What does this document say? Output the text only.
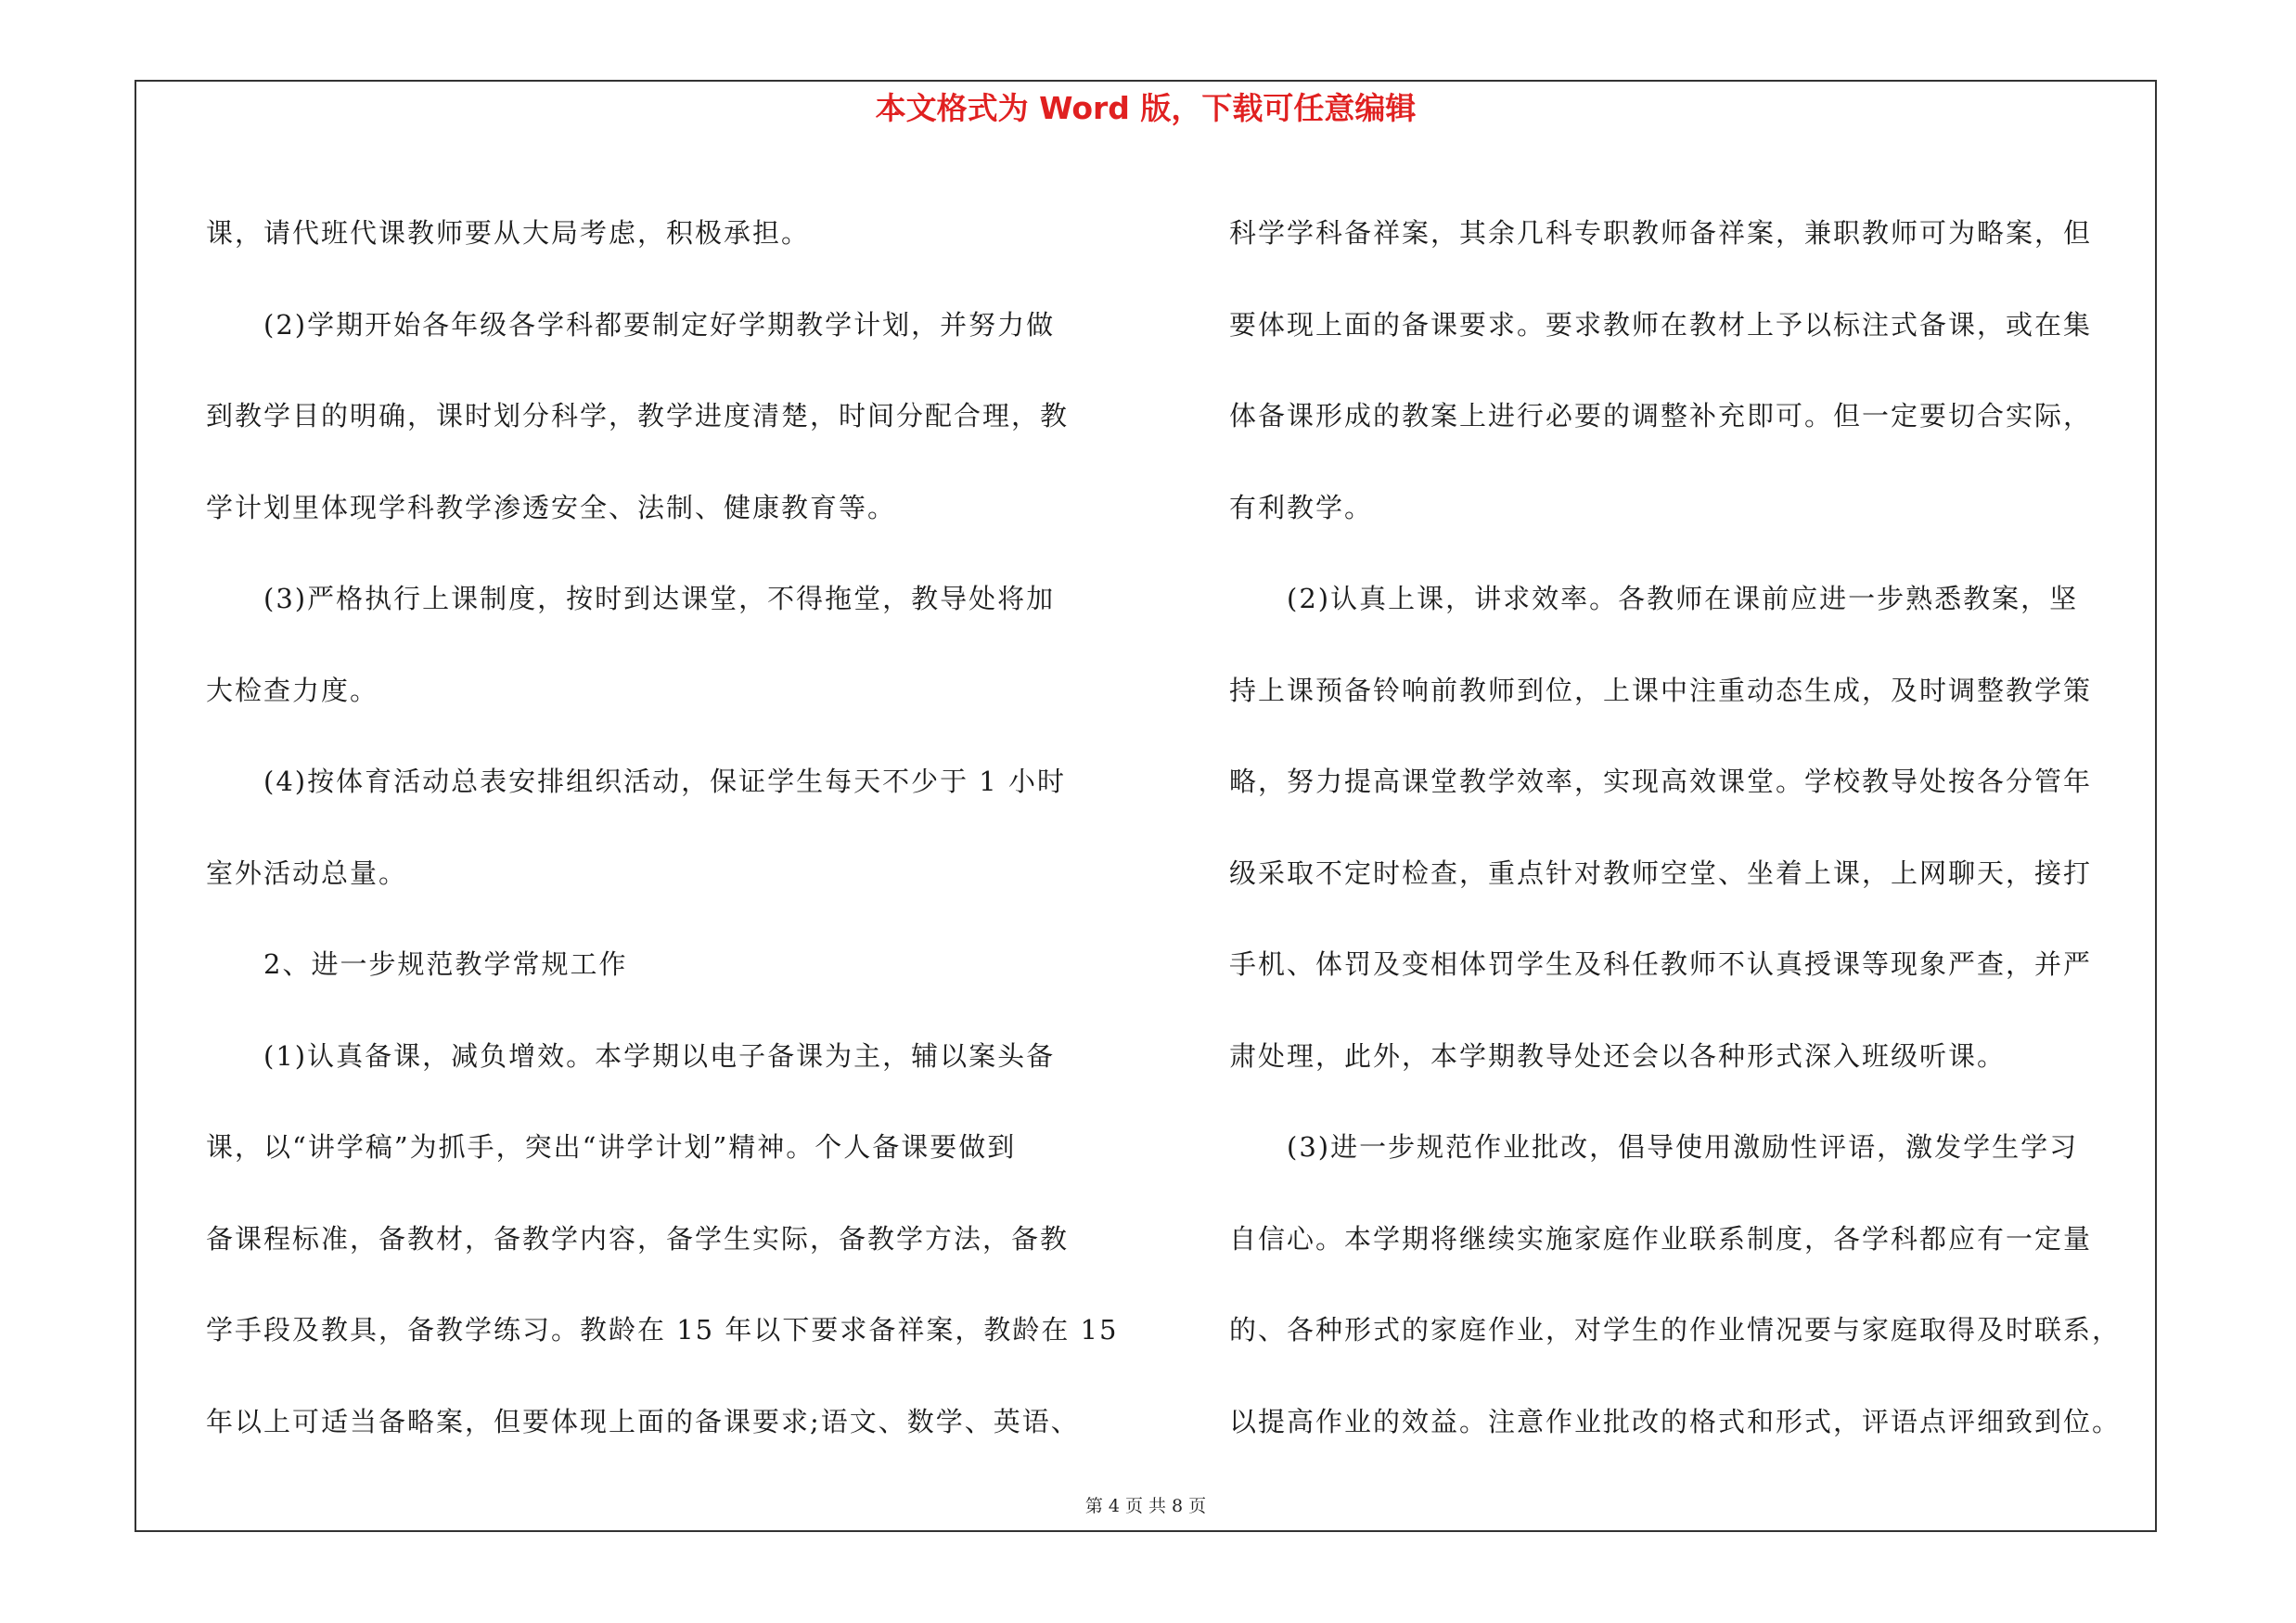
本文格式为 Word 版，下载可任意编辑

课，请代班代课教师要从大局考虑，积极承担。

　　(2)学期开始各年级各学科都要制定好学期教学计划，并努力做

到教学目的明确，课时划分科学，教学进度清楚，时间分配合理，教

学计划里体现学科教学渗透安全、法制、健康教育等。

　　(3)严格执行上课制度，按时到达课堂，不得拖堂，教导处将加

大检查力度。

　　(4)按体育活动总表安排组织活动，保证学生每天不少于 1 小时

室外活动总量。

　　2、进一步规范教学常规工作

　　(1)认真备课，减负增效。本学期以电子备课为主，辅以案头备

课，以“讲学稿”为抓手，突出“讲学计划”精神。个人备课要做到

备课程标准，备教材，备教学内容，备学生实际，备教学方法，备教

学手段及教具，备教学练习。教龄在 15 年以下要求备祥案，教龄在 15

年以上可适当备略案，但要体现上面的备课要求;语文、数学、英语、

科学学科备祥案，其余几科专职教师备祥案，兼职教师可为略案，但

要体现上面的备课要求。要求教师在教材上予以标注式备课，或在集

体备课形成的教案上进行必要的调整补充即可。但一定要切合实际，

有利教学。

　　(2)认真上课，讲求效率。各教师在课前应进一步熟悉教案，坚

持上课预备铃响前教师到位，上课中注重动态生成，及时调整教学策

略，努力提高课堂教学效率，实现高效课堂。学校教导处按各分管年

级采取不定时检查，重点针对教师空堂、坐着上课，上网聊天，接打

手机、体罚及变相体罚学生及科任教师不认真授课等现象严查，并严

肃处理，此外，本学期教导处还会以各种形式深入班级听课。

　　(3)进一步规范作业批改，倡导使用激励性评语，激发学生学习

自信心。本学期将继续实施家庭作业联系制度，各学科都应有一定量

的、各种形式的家庭作业，对学生的作业情况要与家庭取得及时联系，

以提高作业的效益。注意作业批改的格式和形式，评语点评细致到位。

第 4 页 共 8 页
